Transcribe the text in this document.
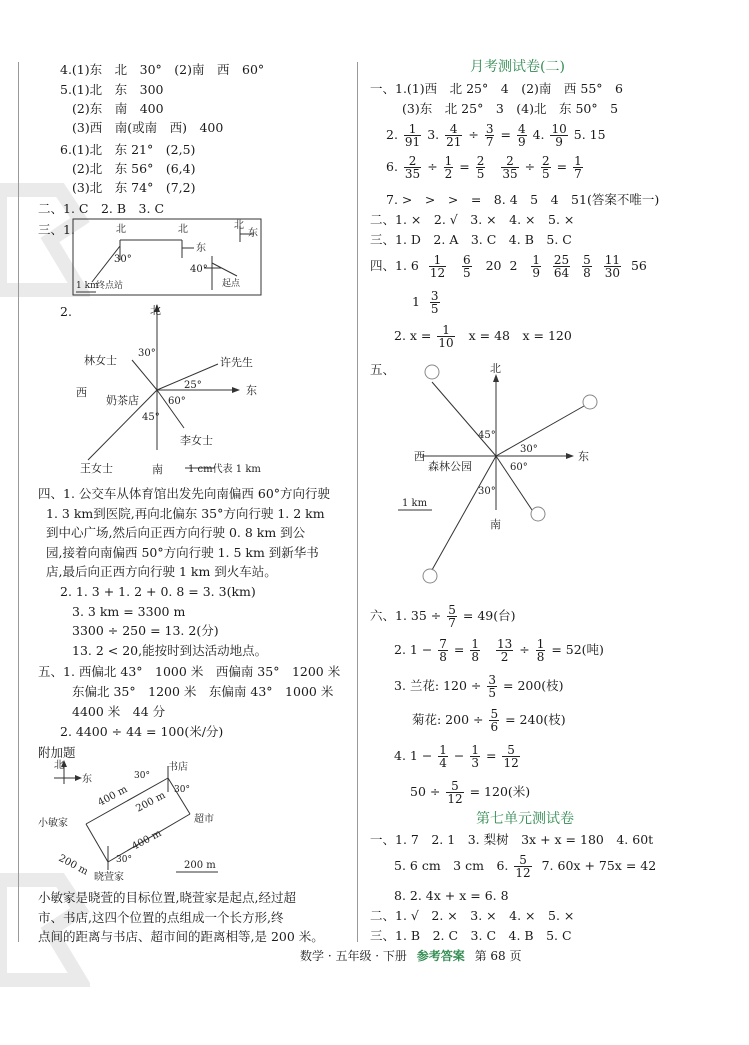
4.(1)东　北　30°　(2)南　西　60°
5.(1)北　东　300
(2)东　南　400
(3)西　南(或南　西)　400
6.(1)北　东 21°　(2,5)
(2)北　东 56°　(6,4)
(3)北　东 74°　(7,2)
二、1. C　2. B　3. C
三、1.	北	北	北
东
东
30°
40°
1 km
终点站	起点
2.	北
南
东
西
林女士	许先生
奶茶店
李女士
王女士
30°
25°
60°
45°
1 cm代表 1 km
四、1. 公交车从体育馆出发先向南偏西 60°方向行驶
1. 3 km到医院,再向北偏东 35°方向行驶 1. 2 km
到中心广场,然后向正西方向行驶 0. 8 km 到公
园,接着向南偏西 50°方向行驶 1. 5 km 到新华书
店,最后向正西方向行驶 1 km 到火车站。
2. 1. 3 + 1. 2 + 0. 8 = 3. 3(km)
3. 3 km = 3300 m
3300 ÷ 250 = 13. 2(分)
13. 2 < 20,能按时到达活动地点。
五、1. 西偏北 43°　1000 米　西偏南 35°　1200 米
东偏北 35°　1200 米　东偏南 43°　1000 米
4400 米　44 分
2. 4400 ÷ 44 = 100(米/分)
附加题
北
东
书店
超市
小敏家
晓萱家
30°
30°
30°
400 m
400 m
200 m
200 m	200 m
小敏家是晓萱的目标位置,晓萱家是起点,经过超
市、书店,这四个位置的点组成一个长方形,终
点间的距离与书店、超市间的距离相等,是 200 米。
月考测试卷(二)
一、1.(1)西　北 25°　4　(2)南　西 55°　6
(3)东　北 25°　3　(4)北　东 50°　5
2. $\frac{1}{91} 3$. $\frac{4}{21} \div \frac{3}{7} = \frac{4}{9} 4$. $\frac{10}{9} 5$. 15
6. $\frac{2}{35} \div \frac{1}{2} = \frac{2}{5}$
$\frac{2}{35} \div \frac{2}{5} = \frac{1}{7}$
7. >　>　>　=　8. 4　5　4　51(答案不唯一)
二、1. ×　2. √　3. ×　4. ×　5. ×
三、1. D　2. A　3. C　4. B　5. C
四、1. $6 \frac{1}{12}$
$\frac{6}{5} 20$ $2 \frac{1}{9}$
$\frac{25}{64}$
$\frac{5}{8}$
$\frac{11}{30} 56$
$1 \frac{3}{5}$
2. $x = \frac{1}{10}$ x = 48　x = 120
五、	北
南
东
西
森林公园
45°
30°
60°
30°
1 km
六、1. $35 \div \frac{5}{7} = 49$(台)
2. $1 - \frac{7}{8} = \frac{1}{8}$
$\frac{13}{2} \div \frac{1}{8} = 52$(吨)
3. 兰花: $120 \div \frac{3}{5} = 200$(枝)
菊花: $200 \div \frac{5}{6} = 240$(枝)
4. $1 - \frac{1}{4} - \frac{1}{3} = \frac{5}{12}$
$50 \div \frac{5}{12} = 120$(米)
第七单元测试卷
一、1. 7　2. 1　3. 梨树　3x + x = 180　4. 60t
5. 6 cm　3 cm　6. $\frac{5}{12} 7$. 60x + 75x = 42
8. 2. 4x + x = 6. 8
二、1. √　2. ×　3. ×　4. ×　5. ×
三、1. B　2. C　3. C　4. B　5. C
数学 · 五年级 · 下册 参考答案 第 68 页
